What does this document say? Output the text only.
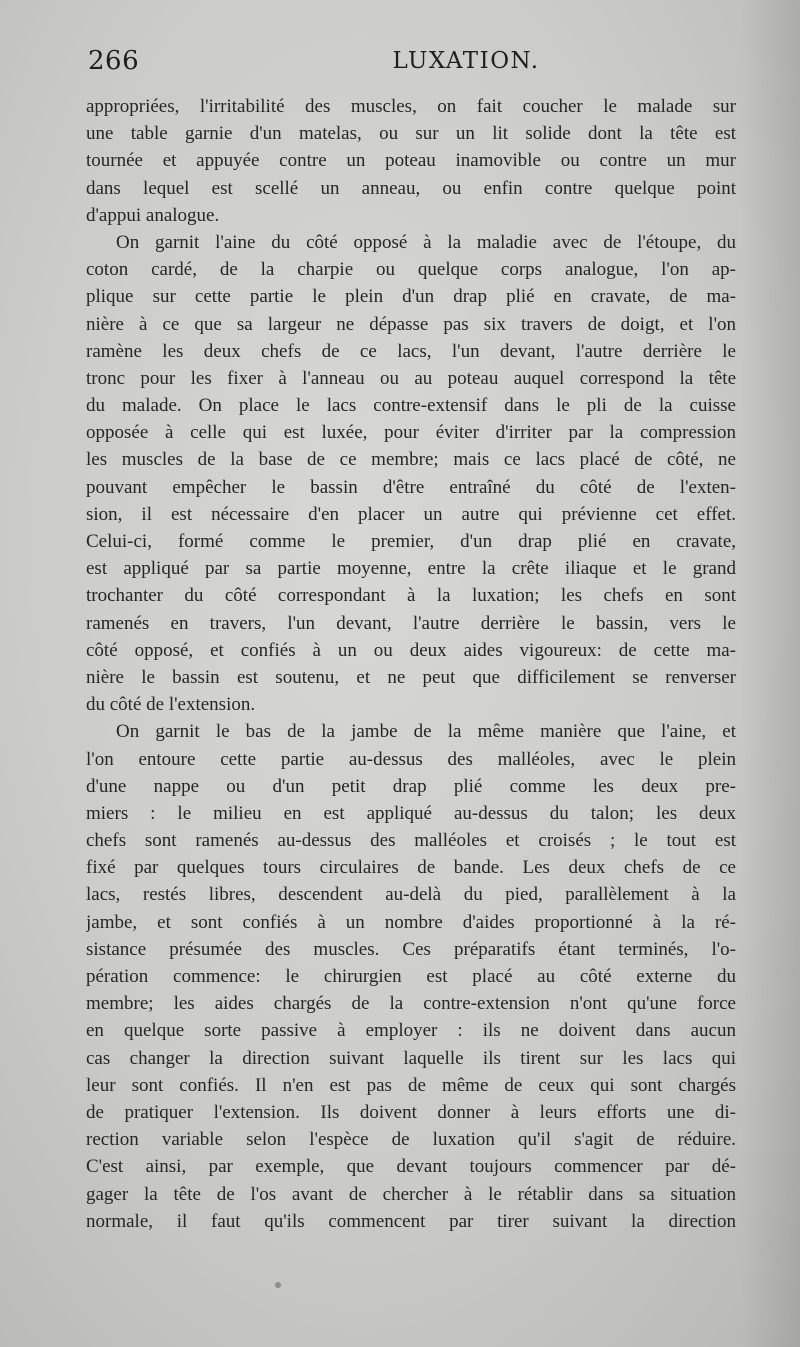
266	LUXATION.
appropriées, l'irritabilité des muscles, on fait coucher le malade sur
une table garnie d'un matelas, ou sur un lit solide dont la tête est
tournée et appuyée contre un poteau inamovible ou contre un mur
dans lequel est scellé un anneau, ou enfin contre quelque point
d'appui analogue.
On garnit l'aine du côté opposé à la maladie avec de l'étoupe, du
coton cardé, de la charpie ou quelque corps analogue, l'on ap-
plique sur cette partie le plein d'un drap plié en cravate, de ma-
nière à ce que sa largeur ne dépasse pas six travers de doigt, et l'on
ramène les deux chefs de ce lacs, l'un devant, l'autre derrière le
tronc pour les fixer à l'anneau ou au poteau auquel correspond la tête
du malade. On place le lacs contre-extensif dans le pli de la cuisse
opposée à celle qui est luxée, pour éviter d'irriter par la compression
les muscles de la base de ce membre; mais ce lacs placé de côté, ne
pouvant empêcher le bassin d'être entraîné du côté de l'exten-
sion, il est nécessaire d'en placer un autre qui prévienne cet effet.
Celui-ci, formé comme le premier, d'un drap plié en cravate,
est appliqué par sa partie moyenne, entre la crête iliaque et le grand
trochanter du côté correspondant à la luxation; les chefs en sont
ramenés en travers, l'un devant, l'autre derrière le bassin, vers le
côté opposé, et confiés à un ou deux aides vigoureux: de cette ma-
nière le bassin est soutenu, et ne peut que difficilement se renverser
du côté de l'extension.
On garnit le bas de la jambe de la même manière que l'aine, et
l'on entoure cette partie au-dessus des malléoles, avec le plein
d'une nappe ou d'un petit drap plié comme les deux pre-
miers : le milieu en est appliqué au-dessus du talon; les deux
chefs sont ramenés au-dessus des malléoles et croisés ; le tout est
fixé par quelques tours circulaires de bande. Les deux chefs de ce
lacs, restés libres, descendent au-delà du pied, parallèlement à la
jambe, et sont confiés à un nombre d'aides proportionné à la ré-
sistance présumée des muscles. Ces préparatifs étant terminés, l'o-
pération commence: le chirurgien est placé au côté externe du
membre; les aides chargés de la contre-extension n'ont qu'une force
en quelque sorte passive à employer : ils ne doivent dans aucun
cas changer la direction suivant laquelle ils tirent sur les lacs qui
leur sont confiés. Il n'en est pas de même de ceux qui sont chargés
de pratiquer l'extension. Ils doivent donner à leurs efforts une di-
rection variable selon l'espèce de luxation qu'il s'agit de réduire.
C'est ainsi, par exemple, que devant toujours commencer par dé-
gager la tête de l'os avant de chercher à le rétablir dans sa situation
normale, il faut qu'ils commencent par tirer suivant la direction
